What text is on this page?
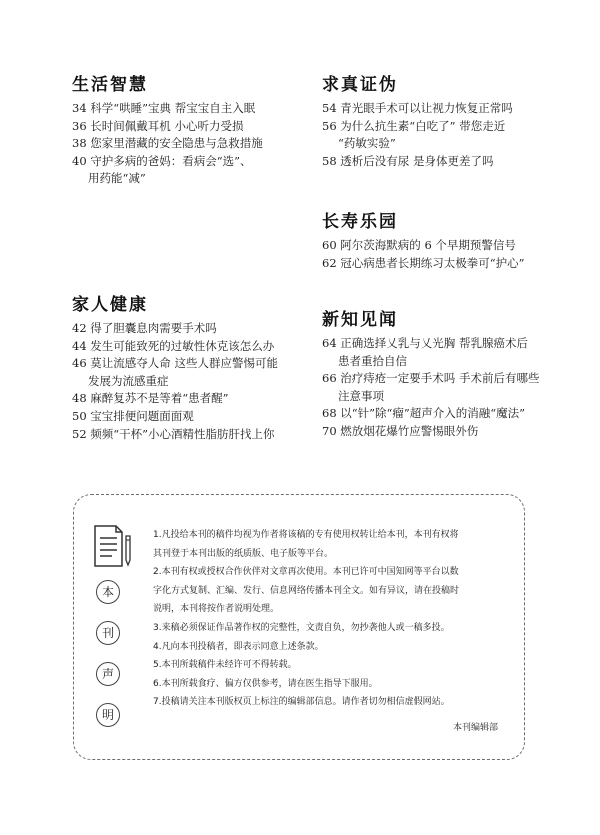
生活智慧
34 科学“哄睡”宝典 帮宝宝自主入眠
36 长时间佩戴耳机 小心听力受损
38 您家里潜藏的安全隐患与急救措施
40 守护多病的爸妈：看病会“选”、
用药能“减”
求真证伪
54 青光眼手术可以让视力恢复正常吗
56 为什么抗生素“白吃了” 带您走近
“药敏实验”
58 透析后没有尿 是身体更差了吗
长寿乐园
60 阿尔茨海默病的 6 个早期预警信号
62 冠心病患者长期练习太极拳可“护心”
家人健康
42 得了胆囊息肉需要手术吗
44 发生可能致死的过敏性休克该怎么办
46 莫让流感夺人命 这些人群应警惕可能
发展为流感重症
48 麻醉复苏不是等着“患者醒”
50 宝宝排便问题面面观
52 频频“干杯”小心酒精性脂肪肝找上你
新知见闻
64 正确选择乂乳与乂光胸 帮乳腺癌术后
患者重拾自信
66 治疗痔疮一定要手术吗 手术前后有哪些
注意事项
68 以“针”除“瘤”超声介入的消融“魔法”
70 燃放烟花爆竹应警惕眼外伤
本
刊
声
明
1.凡投给本刊的稿件均视为作者将该稿的专有使用权转让给本刊，本刊有权将
其刊登于本刊出版的纸质版、电子版等平台。
2.本刊有权或授权合作伙伴对文章再次使用。本刊已许可中国知网等平台以数
字化方式复制、汇编、发行、信息网络传播本刊全文。如有异议，请在投稿时
说明，本刊将按作者说明处理。
3.来稿必须保证作品著作权的完整性，文责自负，勿抄袭他人或一稿多投。
4.凡向本刊投稿者，即表示同意上述条款。
5.本刊所载稿件未经许可不得转载。
6.本刊所载食疗、偏方仅供参考，请在医生指导下服用。
7.投稿请关注本刊版权页上标注的编辑部信息。请作者切勿相信虚假网站。
本刊编辑部
